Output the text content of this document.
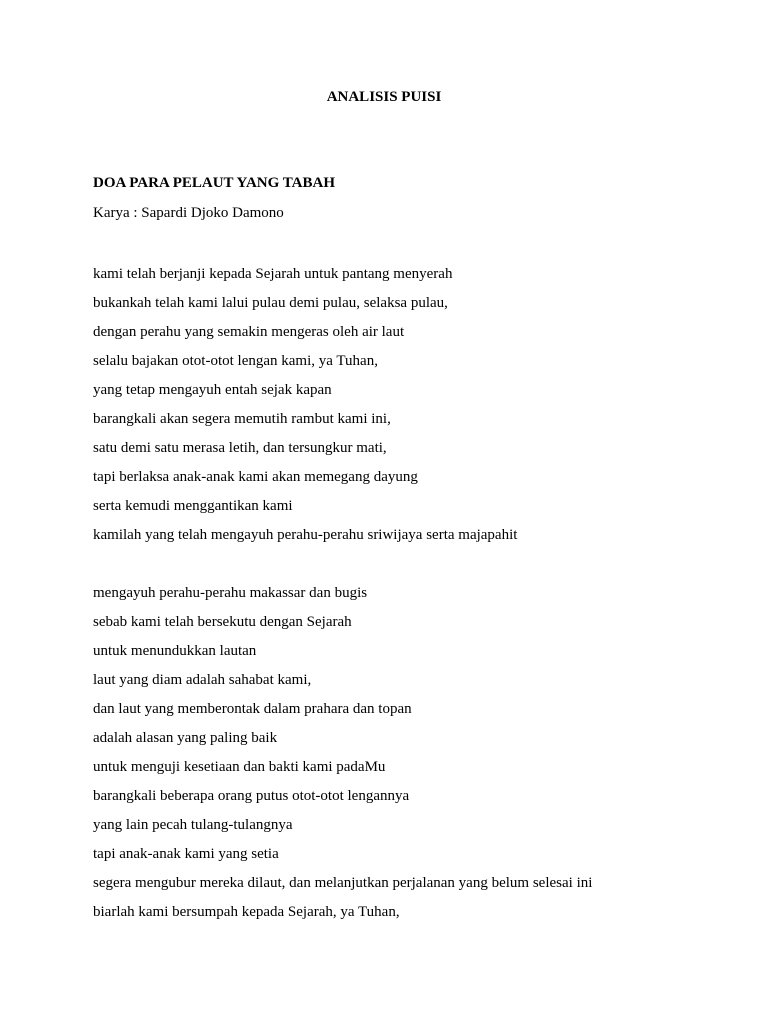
ANALISIS PUISI
DOA PARA PELAUT YANG TABAH

Karya : Sapardi Djoko Damono

kami telah berjanji kepada Sejarah untuk pantang menyerah
bukankah telah kami lalui pulau demi pulau, selaksa pulau,
dengan perahu yang semakin mengeras oleh air laut
selalu bajakan otot-otot lengan kami, ya Tuhan,
yang tetap mengayuh entah sejak kapan
barangkali akan segera memutih rambut kami ini,
satu demi satu merasa letih, dan tersungkur mati,
tapi berlaksa anak-anak kami akan memegang dayung
serta kemudi menggantikan kami
kamilah yang telah mengayuh perahu-perahu sriwijaya serta majapahit
mengayuh perahu-perahu makassar dan bugis
sebab kami telah bersekutu dengan Sejarah
untuk menundukkan lautan
laut yang diam adalah sahabat kami,
dan laut yang memberontak dalam prahara dan topan
adalah alasan yang paling baik
untuk menguji kesetiaan dan bakti kami padaMu
barangkali beberapa orang putus otot-otot lengannya
yang lain pecah tulang-tulangnya
tapi anak-anak kami yang setia
segera mengubur mereka dilaut, dan melanjutkan perjalanan yang belum selesai ini
biarlah kami bersumpah kepada Sejarah, ya Tuhan,
